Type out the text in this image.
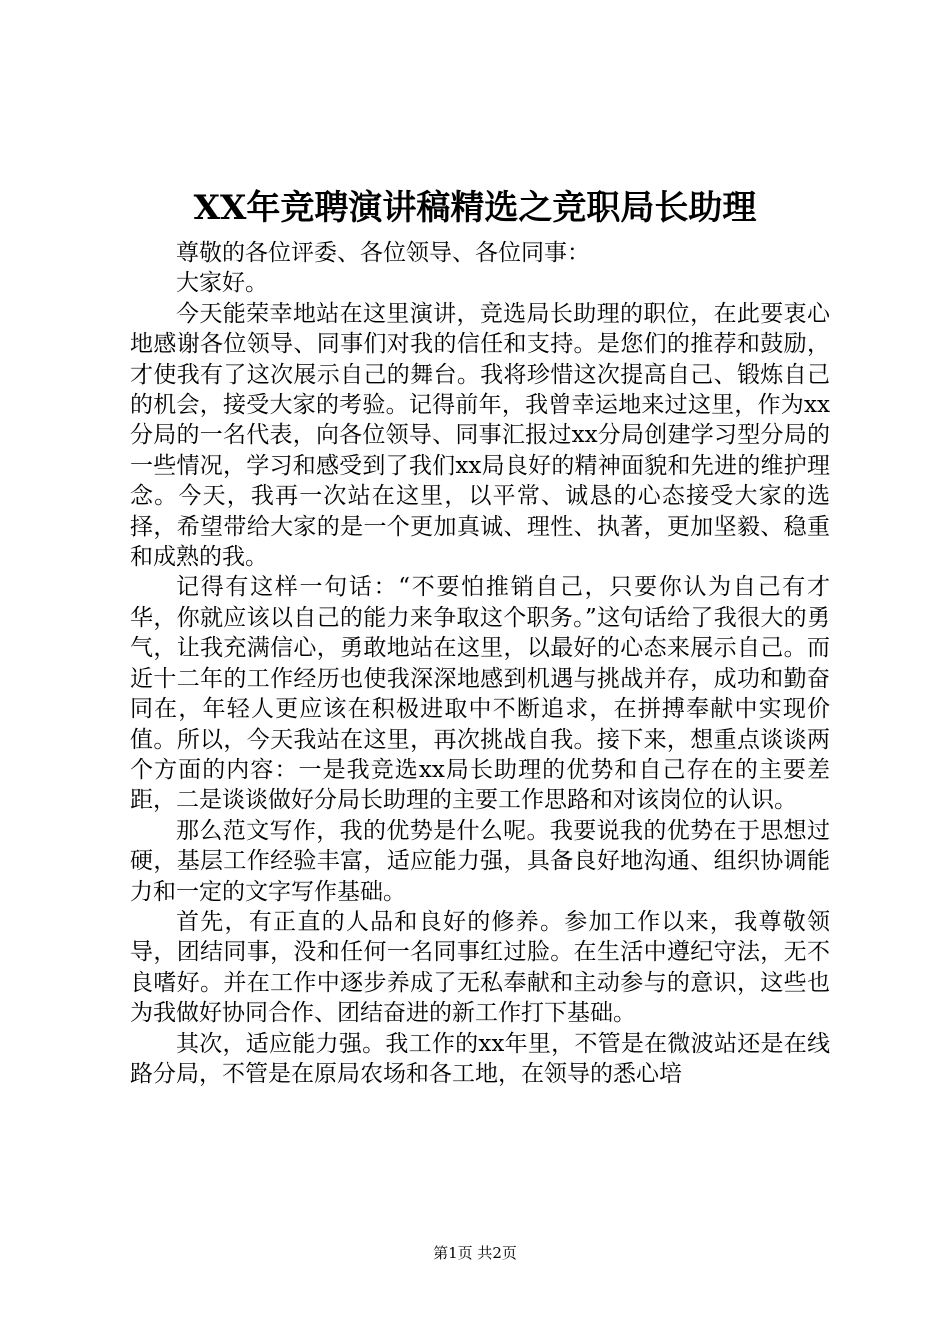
XX年竞聘演讲稿精选之竞职局长助理

尊敬的各位评委、各位领导、各位同事：

大家好。

今天能荣幸地站在这里演讲，竞选局长助理的职位，在此要衷心地感谢各位领导、同事们对我的信任和支持。是您们的推荐和鼓励，才使我有了这次展示自己的舞台。我将珍惜这次提高自己、锻炼自己的机会，接受大家的考验。记得前年，我曾幸运地来过这里，作为xx分局的一名代表，向各位领导、同事汇报过xx分局创建学习型分局的一些情况，学习和感受到了我们xx局良好的精神面貌和先进的维护理念。今天，我再一次站在这里，以平常、诚恳的心态接受大家的选择，希望带给大家的是一个更加真诚、理性、执著，更加坚毅、稳重和成熟的我。

记得有这样一句话：“不要怕推销自己，只要你认为自己有才华，你就应该以自己的能力来争取这个职务。”这句话给了我很大的勇气，让我充满信心，勇敢地站在这里，以最好的心态来展示自己。而近十二年的工作经历也使我深深地感到机遇与挑战并存，成功和勤奋同在，年轻人更应该在积极进取中不断追求，在拼搏奉献中实现价值。所以，今天我站在这里，再次挑战自我。接下来，想重点谈谈两个方面的内容：一是我竞选xx局长助理的优势和自己存在的主要差距，二是谈谈做好分局长助理的主要工作思路和对该岗位的认识。

那么范文写作，我的优势是什么呢。我要说我的优势在于思想过硬，基层工作经验丰富，适应能力强，具备良好地沟通、组织协调能力和一定的文字写作基础。

首先，有正直的人品和良好的修养。参加工作以来，我尊敬领导，团结同事，没和任何一名同事红过脸。在生活中遵纪守法，无不良嗜好。并在工作中逐步养成了无私奉献和主动参与的意识，这些也为我做好协同合作、团结奋进的新工作打下基础。

其次，适应能力强。我工作的xx年里，不管是在微波站还是在线路分局，不管是在原局农场和各工地，在领导的悉心培

第1页 共2页
